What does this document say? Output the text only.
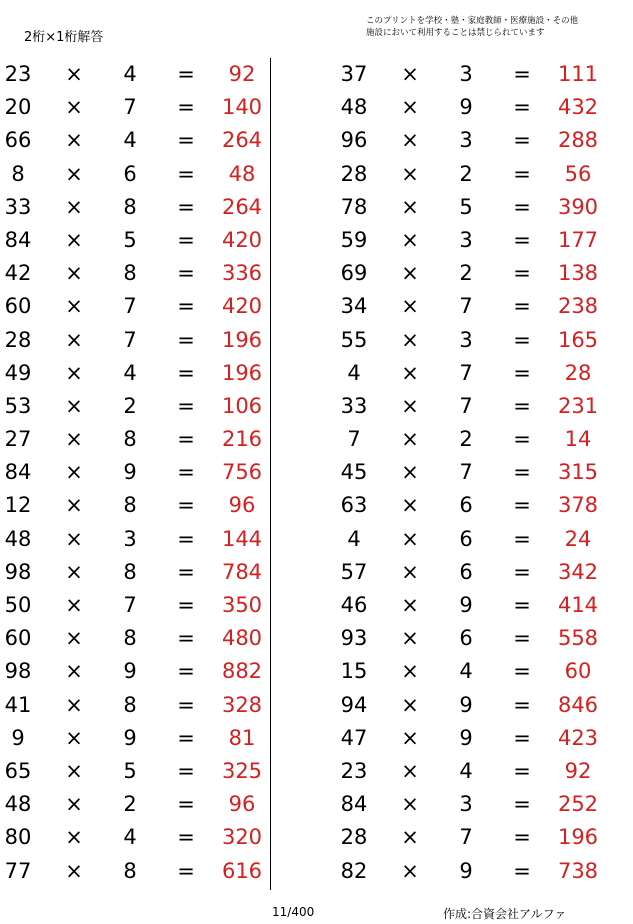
2桁×1桁解答
このプリントを学校・塾・家庭教師・医療施設・その他
施設において利用することは禁じられています
23 ×	4	=	92
20 ×	7	= 140
66 ×	4	= 264
8	×	6	=	48
33 ×	8	= 264
84 ×	5	= 420
42 ×	8	= 336
60 ×	7	= 420
28 ×	7	= 196
49 ×	4	= 196
53 ×	2	= 106
27 ×	8	= 216
84 ×	9	= 756
12 ×	8	=	96
48 ×	3	= 144
98 ×	8	= 784
50 ×	7	= 350
60 ×	8	= 480
98 ×	9	= 882
41 ×	8	= 328
9	×	9	=	81
65 ×	5	= 325
48 ×	2	=	96
80 ×	4	= 320
77 ×	8	= 616
37 ×	3	= 111
48 ×	9	= 432
96 ×	3	= 288
28 ×	2	=	56
78 ×	5	= 390
59 ×	3	= 177
69 ×	2	= 138
34 ×	7	= 238
55 ×	3	= 165
4	×	7	=	28
33 ×	7	= 231
7	×	2	=	14
45 ×	7	= 315
63 ×	6	= 378
4	×	6	=	24
57 ×	6	= 342
46 ×	9	= 414
93 ×	6	= 558
15 ×	4	=	60
94 ×	9	= 846
47 ×	9	= 423
23 ×	4	=	92
84 ×	3	= 252
28 ×	7	= 196
82 ×	9	= 738
11/400	作成:合資会社アルファ
